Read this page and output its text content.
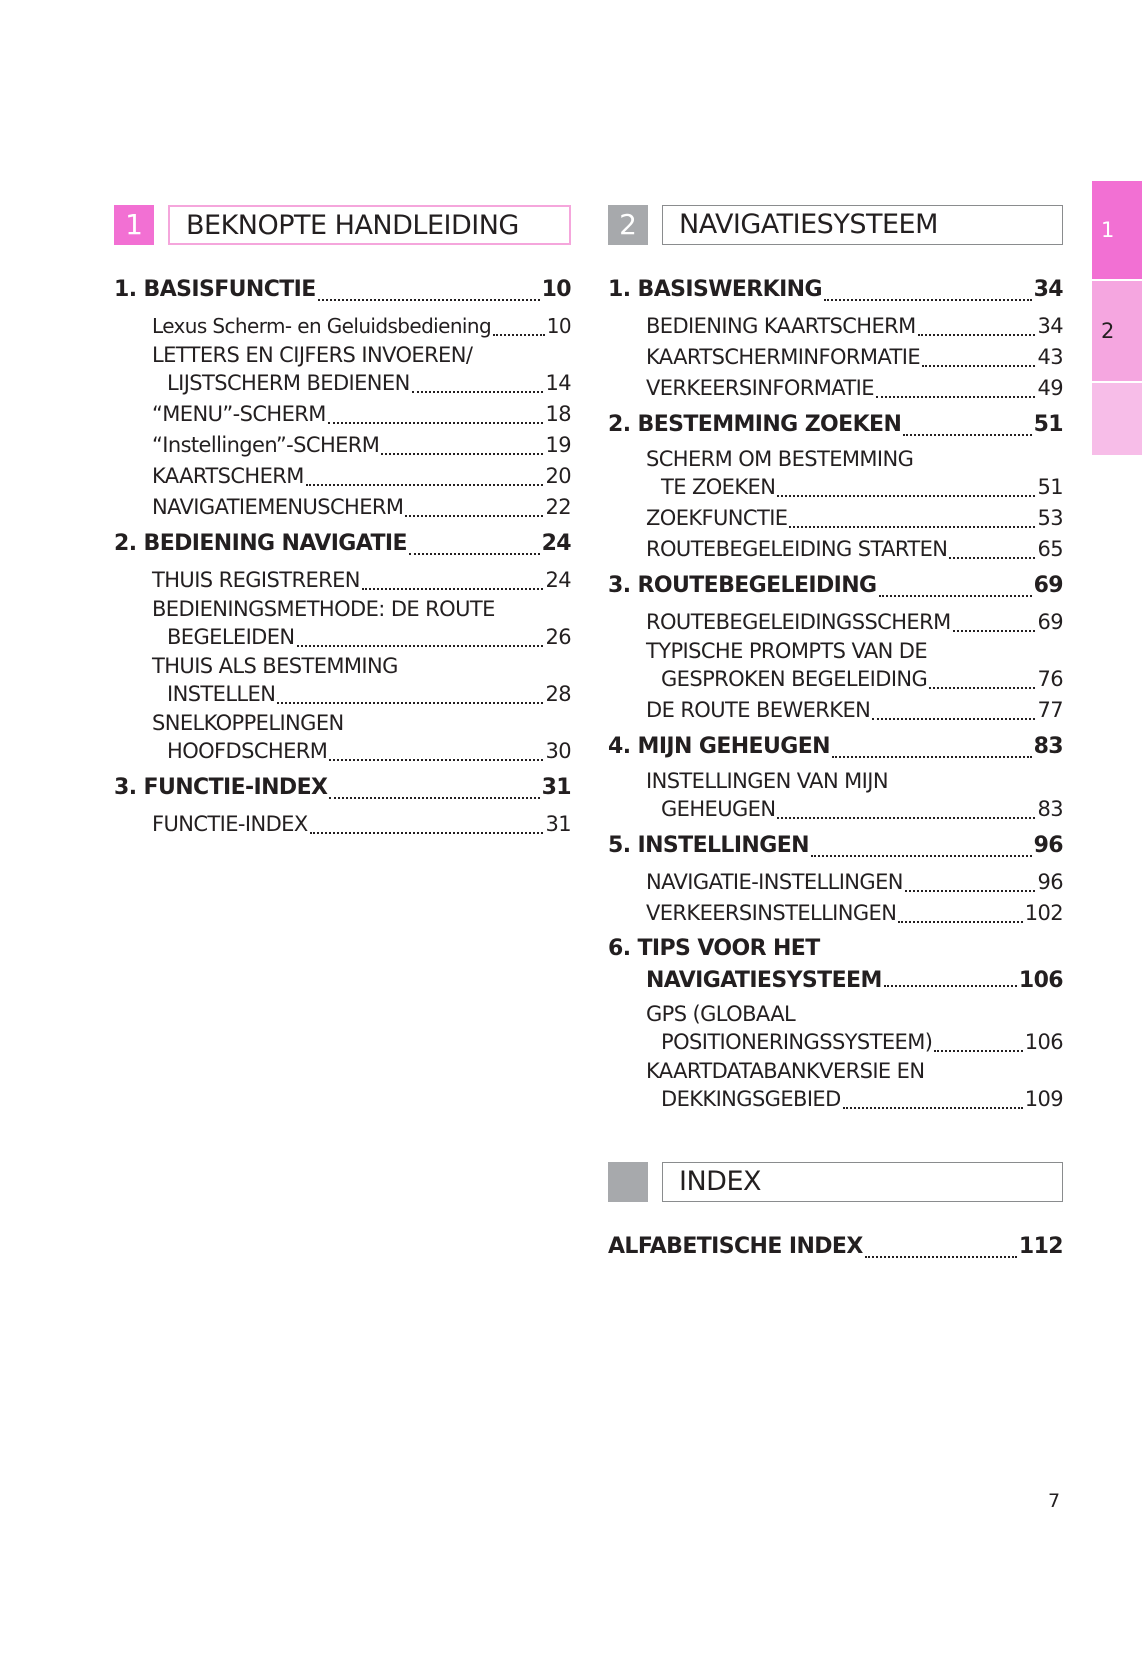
1	BEKNOPTE HANDLEIDING
1. BASISFUNCTIE	10
Lexus Scherm- en Geluidsbediening	10
LETTERS EN CIJFERS INVOEREN/
LIJSTSCHERM BEDIENEN	14
“MENU”-SCHERM	18
“Instellingen”-SCHERM	19
KAARTSCHERM	20
NAVIGATIEMENUSCHERM	22
2. BEDIENING NAVIGATIE	24
THUIS REGISTREREN	24
BEDIENINGSMETHODE: DE ROUTE
BEGELEIDEN	26
THUIS ALS BESTEMMING
INSTELLEN	28
SNELKOPPELINGEN
HOOFDSCHERM	30
3. FUNCTIE-INDEX	31
FUNCTIE-INDEX	31
2	NAVIGATIESYSTEEM
1. BASISWERKING	34
BEDIENING KAARTSCHERM	34
KAARTSCHERMINFORMATIE	43
VERKEERSINFORMATIE	49
2. BESTEMMING ZOEKEN	51
SCHERM OM BESTEMMING
TE ZOEKEN	51
ZOEKFUNCTIE	53
ROUTEBEGELEIDING STARTEN	65
3. ROUTEBEGELEIDING	69
ROUTEBEGELEIDINGSSCHERM	69
TYPISCHE PROMPTS VAN DE
GESPROKEN BEGELEIDING	76
DE ROUTE BEWERKEN	77
4. MIJN GEHEUGEN	83
INSTELLINGEN VAN MIJN
GEHEUGEN	83
5. INSTELLINGEN	96
NAVIGATIE-INSTELLINGEN	96
VERKEERSINSTELLINGEN	102
6. TIPS VOOR HET
NAVIGATIESYSTEEM	106
GPS (GLOBAAL
POSITIONERINGSSYSTEEM)	106
KAARTDATABANKVERSIE EN
DEKKINGSGEBIED	109
INDEX
ALFABETISCHE INDEX	112
1
2
7
